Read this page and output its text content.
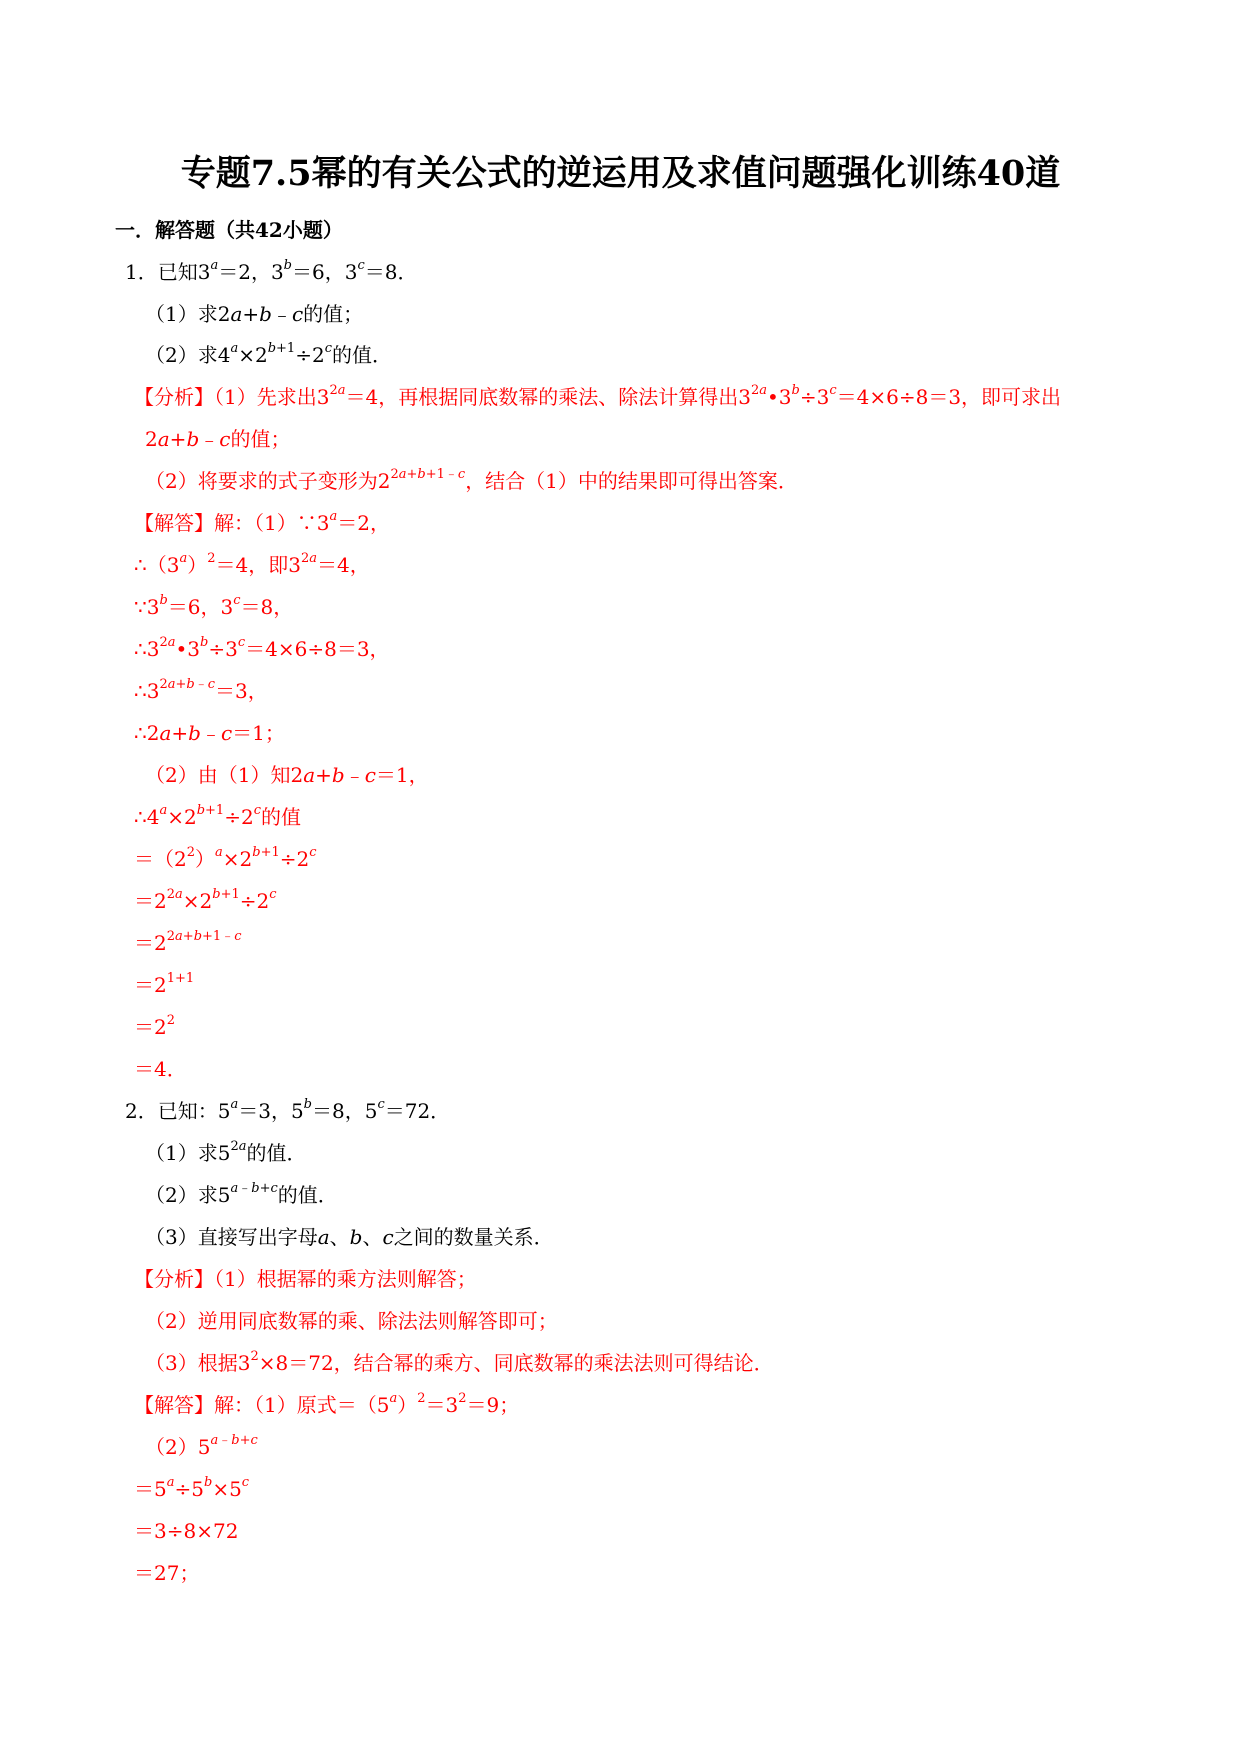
专题7.5幂的有关公式的逆运用及求值问题强化训练40道
一．解答题（共42小题）
1．已知$3^a=2$，$3^b=6$，$3^c=8$．
（1）求2a+b﹣c的值；
（2）求$4^a\times 2^{b+1}\div 2^c$的值．
【分析】（1）先求出$3^{2a}=4$，再根据同底数幂的乘法、除法计算得出$3^{2a}•3^b\div 3^c=4\times 6\div 8=3$，即可求出
2a+b﹣c的值；
（2）将要求的式子变形为$2^{2a+b+1﹣c}$，结合（1）中的结果即可得出答案．
【解答】解：$(1)\because 3^a=2$，
$\therefore(3^a)^2=4$，即$3^{2a}=4$，
$\because 3^b=6$，$3^c=8$，
$\therefore 3^{2a}•3^b\div 3^c=4\times 6\div 8=3$，
$\therefore 3^{2a+b﹣c}=3$，
∴2a+b﹣c＝1；
（2）由（1）知2a+b﹣c＝1，
$\therefore 4^a\times 2^{b+1}\div 2^c$的值
$=(2^2)^a\times 2^{b+1}\div 2^c$
$=2^{2a}\times 2^{b+1}\div 2^c$
$=2^{2a+b+1﹣c}$
$=2^{1+1}$
$=2^2$
＝4．
2．已知：$5^a=3$，$5^b=8$，$5^c=72$．
（1）求$5^{2a}$的值．
（2）求$5^{a﹣b+c}$的值．
（3）直接写出字母a、b、c之间的数量关系．
【分析】（1）根据幂的乘方法则解答；
（2）逆用同底数幂的乘、除法法则解答即可；
（3）根据$3^2\times 8=72$，结合幂的乘方、同底数幂的乘法法则可得结论．
【解答】解：（1）原式$=(5^a)^2=3^2=9$；
$(2)5^{a﹣b+c}$
$=5^a\div 5^b\times 5^c$
＝3÷8×72
＝27；
